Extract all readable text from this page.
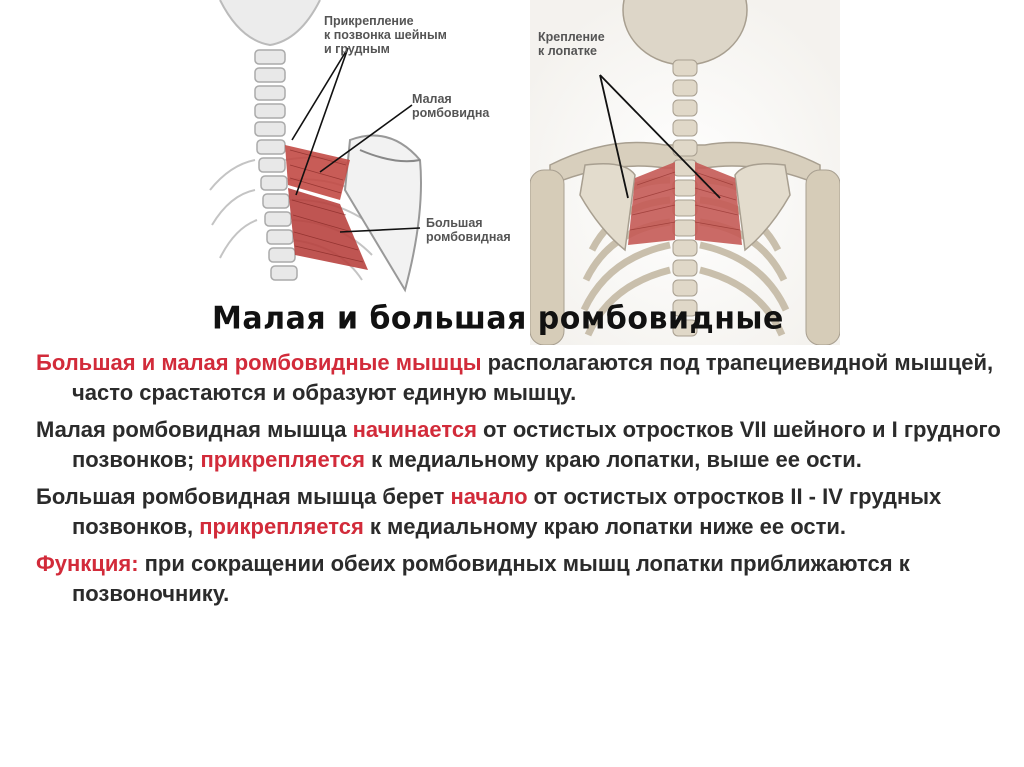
Прикрепление
к позвонка шейным
и грудным
Малая
ромбовидна
Большая
ромбовидная
Крепление
к лопатке
Малая и большая ромбовидные

Большая и малая ромбовидные мышцы располагаются под трапециевидной мышцей, часто срастаются и образуют единую мышцу.

Малая ромбовидная мышца начинается от остистых отростков VII шейного и I грудного позвонков; прикрепляется к медиальному краю лопатки, выше ее ости.

Большая ромбовидная мышца берет начало от остистых отростков II - IV грудных позвонков, прикрепляется к медиальному краю лопатки ниже ее ости.

Функция: при сокращении обеих ромбовидных мышц лопатки приближаются к позвоночнику.
